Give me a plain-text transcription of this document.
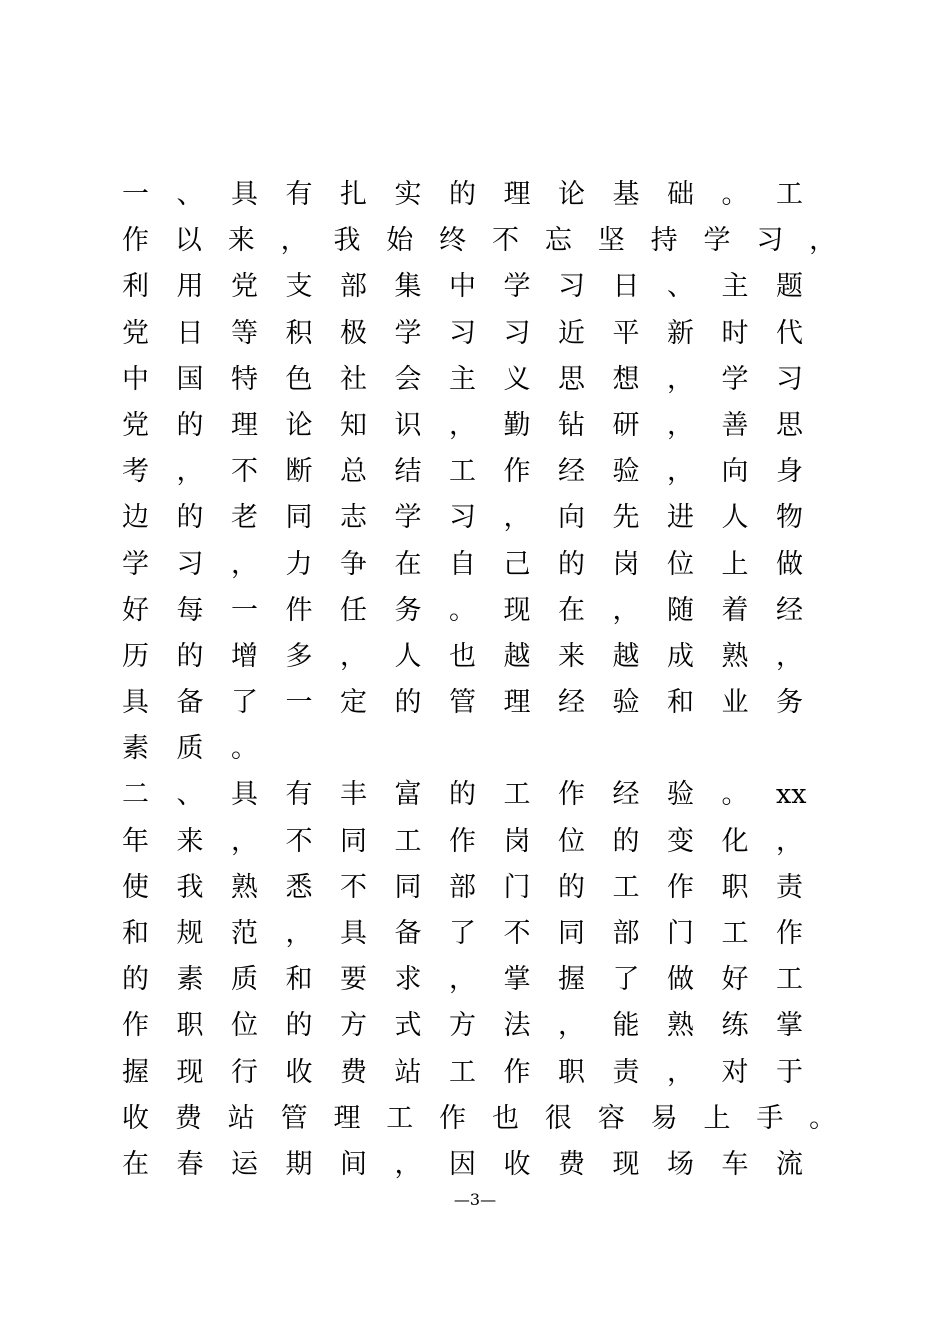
一	、	具	有	扎	实	的	理	论	基	础	。	工
作 以 来 ， 我 始 终 不 忘 坚 持 学 习 ，
利	用	党	支	部	集	中	学	习	日	、	主	题
党	日	等	积	极	学	习	习	近	平	新	时	代
中	国	特	色	社	会	主	义	思	想	，	学	习
党	的	理	论	知	识	，	勤	钻	研	，	善	思
考	，	不	断	总	结	工	作	经	验	，	向	身
边	的	老	同	志	学	习	，	向	先	进	人	物
学	习	，	力	争	在	自	己	的	岗	位	上	做
好	每	一	件	任	务	。	现	在	，	随	着	经
历	的	增	多	，	人	也	越	来	越	成	熟	，
具	备	了	一	定	的	管	理	经	验	和	业	务
素	质	。
二	、	具	有	丰	富	的	工	作	经	验	。	xx
年	来	，	不	同	工	作	岗	位	的	变	化	，
使	我	熟	悉	不	同	部	门	的	工	作	职	责
和	规	范	，	具	备	了	不	同	部	门	工	作
的	素	质	和	要	求	，	掌	握	了	做	好	工
作	职	位	的	方	式	方	法	，	能	熟	练	掌
握	现	行	收	费	站	工	作	职	责	，	对	于
收 费 站 管 理 工 作 也 很 容 易 上 手 。
在	春	运	期	间	，	因	收	费	现	场	车	流
—3—
